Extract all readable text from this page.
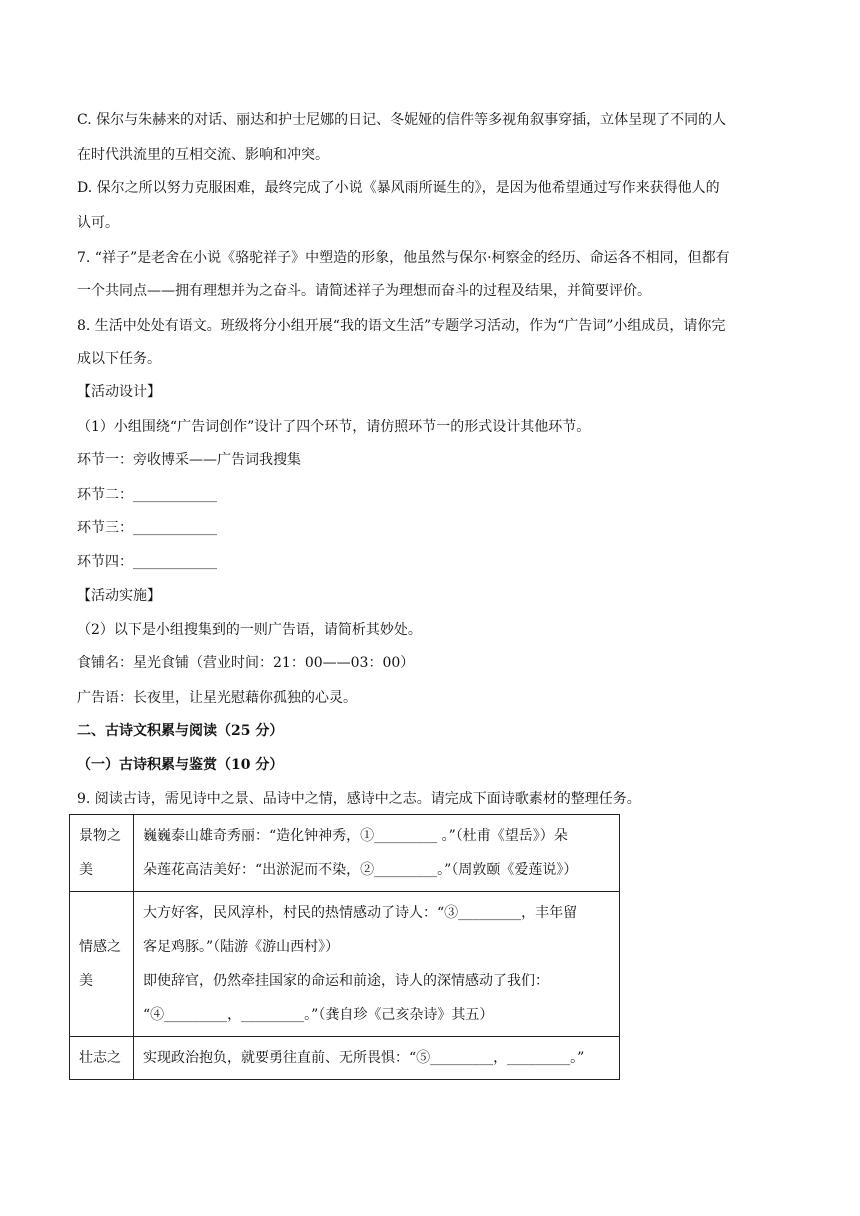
C. 保尔与朱赫来的对话、丽达和护士尼娜的日记、冬妮娅的信件等多视角叙事穿插，立体呈现了不同的人
在时代洪流里的互相交流、影响和冲突。
D. 保尔之所以努力克服困难，最终完成了小说《暴风雨所诞生的》，是因为他希望通过写作来获得他人的
认可。
7. “祥子”是老舍在小说《骆驼祥子》中塑造的形象，他虽然与保尔·柯察金的经历、命运各不相同，但都有
一个共同点——拥有理想并为之奋斗。请简述祥子为理想而奋斗的过程及结果，并简要评价。
8. 生活中处处有语文。班级将分小组开展“我的语文生活”专题学习活动，作为“广告词”小组成员，请你完
成以下任务。
【活动设计】
（1）小组围绕“广告词创作”设计了四个环节，请仿照环节一的形式设计其他环节。
环节一：旁收博采——广告词我搜集
环节二：____________
环节三：____________
环节四：____________
【活动实施】
（2）以下是小组搜集到的一则广告语，请简析其妙处。
食铺名：星光食铺（营业时间：21：00——03：00）
广告语：长夜里，让星光慰藉你孤独的心灵。
二、古诗文积累与阅读（25 分）
（一）古诗积累与鉴赏（10 分）
9. 阅读古诗，需见诗中之景、品诗中之情，感诗中之志。请完成下面诗歌素材的整理任务。
景物之
美	巍巍泰山雄奇秀丽：“造化钟神秀，①_________ 。”（杜甫《望岳》）朵
朵莲花高洁美好：“出淤泥而不染，②_________。”（周敦颐《爱莲说》）

情感之
美	大方好客，民风淳朴，村民的热情感动了诗人：“③_________，丰年留
客足鸡豚。”（陆游《游山西村》）
即使辞官，仍然牵挂国家的命运和前途，诗人的深情感动了我们：
“④_________，_________。”（龚自珍《己亥杂诗》其五）

壮志之	实现政治抱负，就要勇往直前、无所畏惧：“⑤_________，_________。”
